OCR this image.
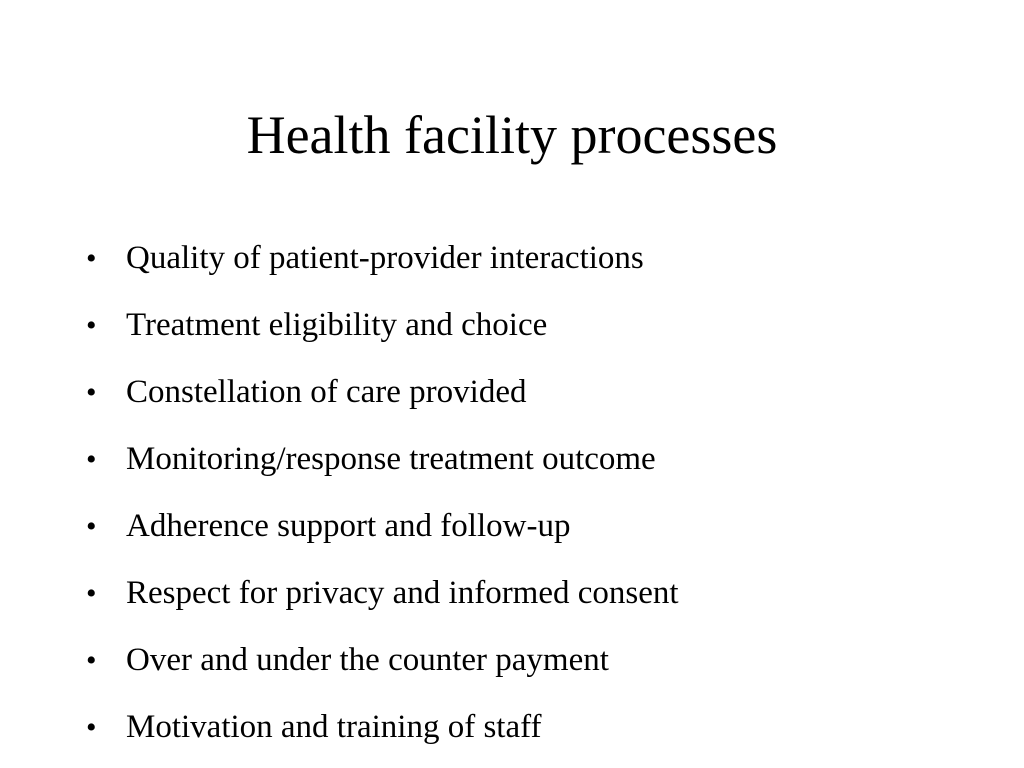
Health facility processes
• Quality of patient-provider interactions
• Treatment eligibility and choice
• Constellation of care provided
• Monitoring/response treatment outcome
• Adherence support and follow-up
• Respect for privacy and informed consent
• Over and under the counter payment
• Motivation and training of staff
